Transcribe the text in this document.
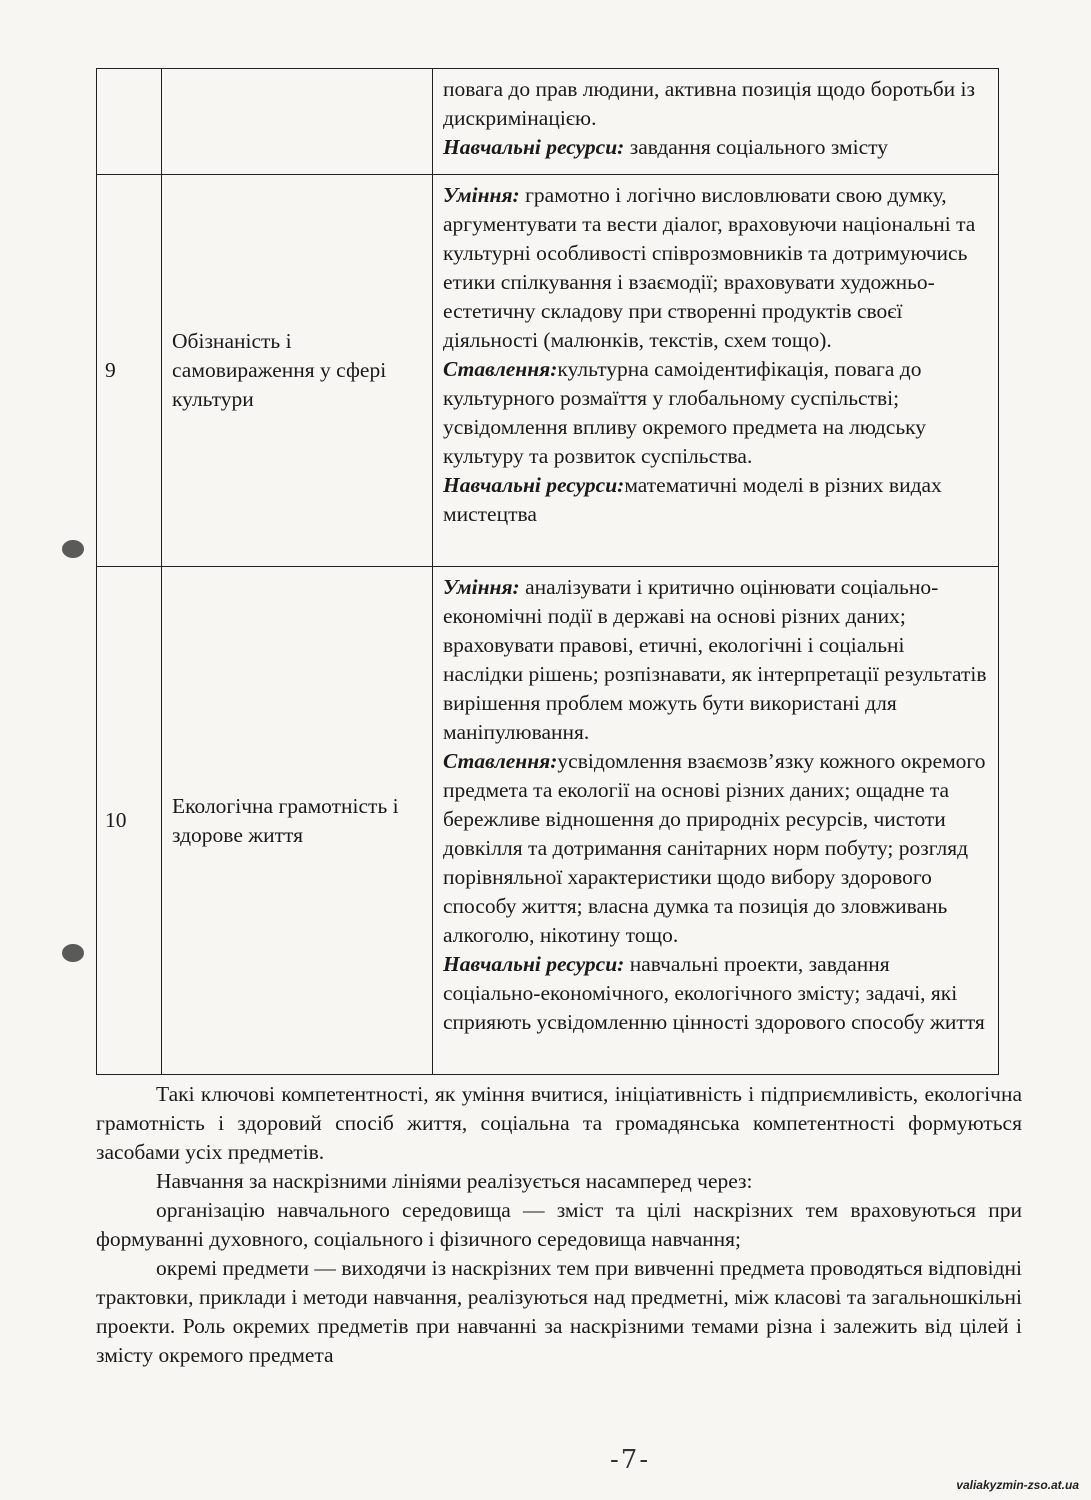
		повага до прав людини, активна позиція щодо боротьби із дискримінацією.
Навчальні ресурси: завдання соціального змісту
9	Обізнаність і самовираження у сфері культури	Уміння: грамотно і логічно висловлювати свою думку, аргументувати та вести діалог, враховуючи національні та культурні особливості співрозмовників та дотримуючись етики спілкування і взаємодії; враховувати художньо-естетичну складову при створенні продуктів своєї діяльності (малюнків, текстів, схем тощо).
Ставлення:культурна самоідентифікація, повага до культурного розмаїття у глобальному суспільстві; усвідомлення впливу окремого предмета на людську культуру та розвиток суспільства.
Навчальні ресурси:математичні моделі в різних видах мистецтва
10	Екологічна грамотність і здорове життя	Уміння: аналізувати і критично оцінювати соціально-економічні події в державі на основі різних даних; враховувати правові, етичні, екологічні і соціальні наслідки рішень; розпізнавати, як інтерпретації результатів вирішення проблем можуть бути використані для маніпулювання.
Ставлення:усвідомлення взаємозв’язку кожного окремого предмета та екології на основі різних даних; ощадне та бережливе відношення до природніх ресурсів, чистоти довкілля та дотримання санітарних норм побуту; розгляд порівняльної характеристики щодо вибору здорового способу життя; власна думка та позиція до зловживань алкоголю, нікотину тощо.
Навчальні ресурси: навчальні проекти, завдання соціально-економічного, екологічного змісту; задачі, які сприяють усвідомленню цінності здорового способу життя

Такі ключові компетентності, як уміння вчитися, ініціативність і підприємливість, екологічна грамотність і здоровий спосіб життя, соціальна та громадянська компетентності формуються засобами усіх предметів.

Навчання за наскрізними лініями реалізується насамперед через:

організацію навчального середовища — зміст та цілі наскрізних тем враховуються при формуванні духовного, соціального і фізичного середовища навчання;

окремі предмети — виходячи із наскрізних тем при вивченні предмета проводяться відповідні трактовки, приклади і методи навчання, реалізуються над предметні, між класові та загальношкільні проекти. Роль окремих предметів при навчанні за наскрізними темами різна і залежить від цілей і змісту окремого предмета

-7-
valiakyzmin-zso.at.ua
